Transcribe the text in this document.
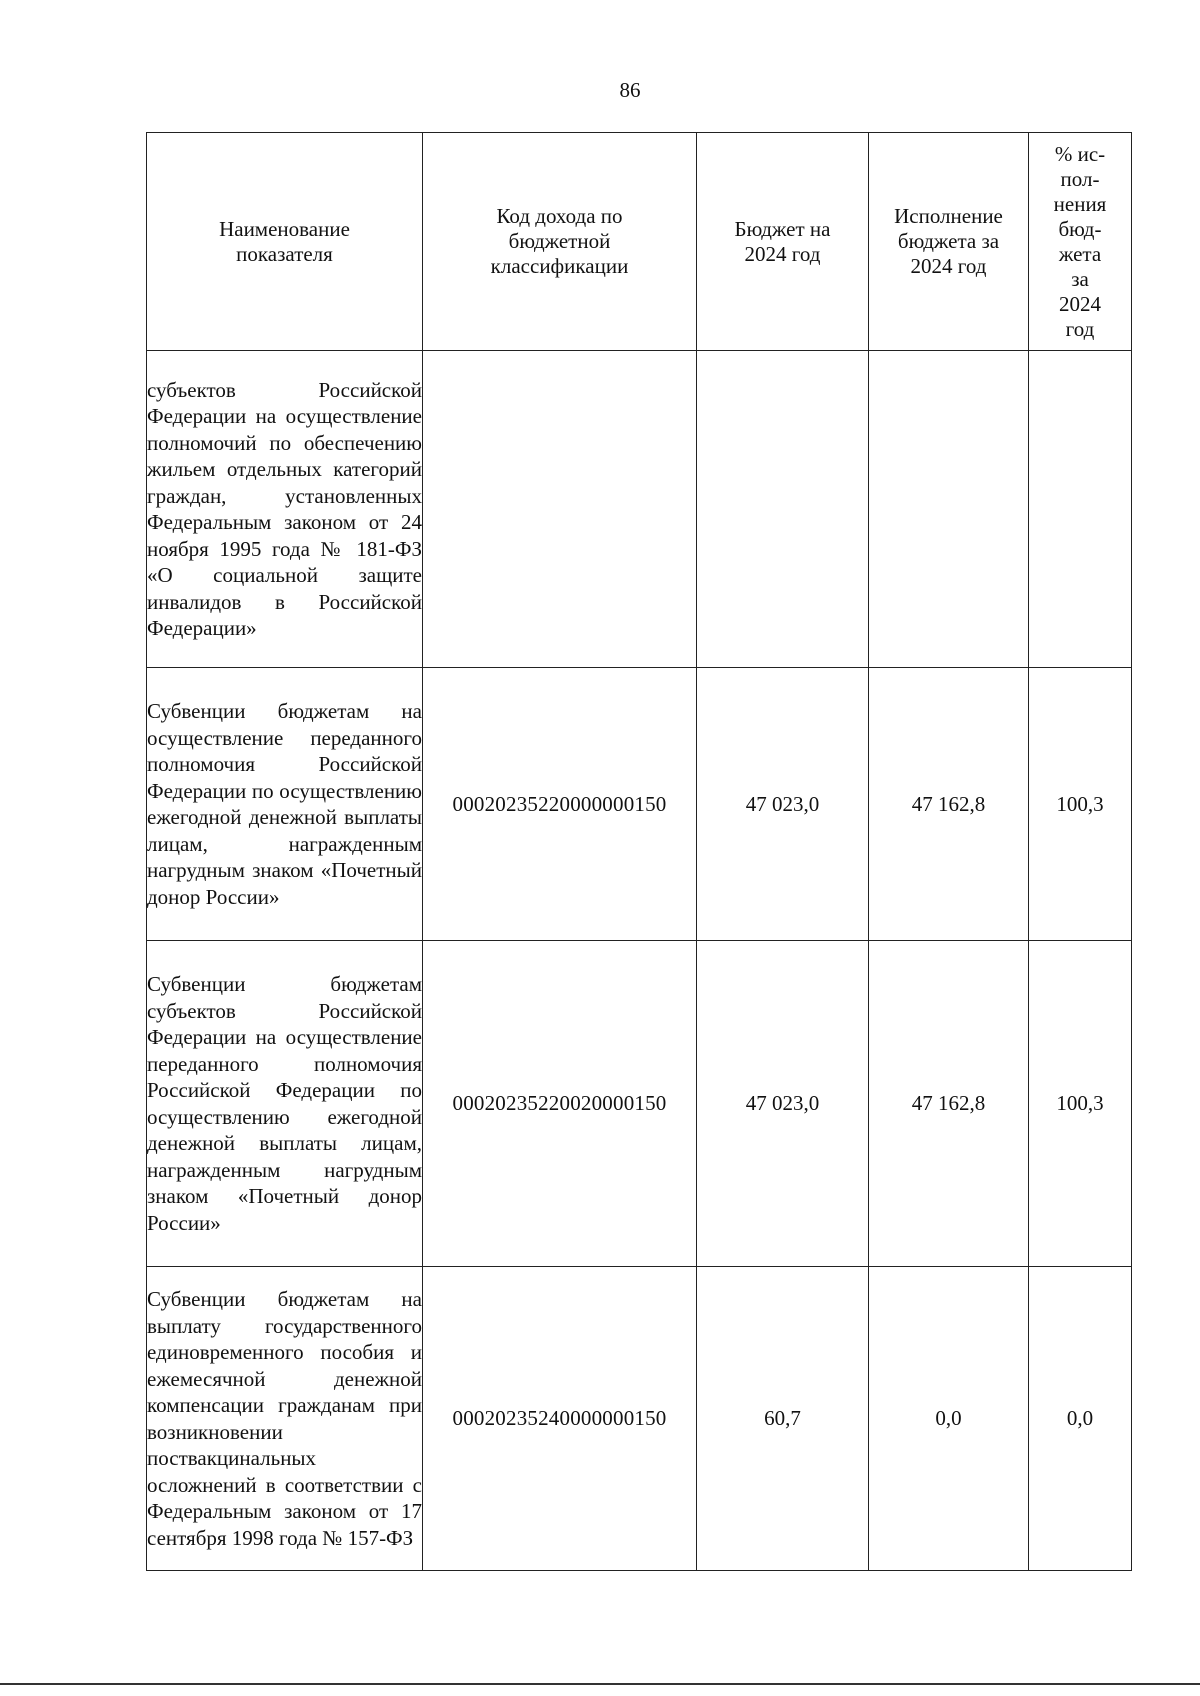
86
Наименование показателя	Код дохода по бюджетной классификации	Бюджет на 2024 год	Исполнение бюджета за 2024 год	% ис-пол-нения бюд-жета за 2024 год
субъектов Российской Федерации на осуществление полномочий по обеспечению жильем отдельных категорий граждан, установленных Федеральным законом от 24 ноября 1995 года № 181-ФЗ «О социальной защите инвалидов в Российской Федерации»				
Субвенции бюджетам на осуществление переданного полномочия Российской Федерации по осуществлению ежегодной денежной выплаты лицам, награжденным нагрудным знаком «Почетный донор России»	00020235220000000150	47 023,0	47 162,8	100,3
Субвенции бюджетам субъектов Российской Федерации на осуществление переданного полномочия Российской Федерации по осуществлению ежегодной денежной выплаты лицам, награжденным нагрудным знаком «Почетный донор России»	00020235220020000150	47 023,0	47 162,8	100,3
Субвенции бюджетам на выплату государственного единовременного пособия и ежемесячной денежной компенсации гражданам при возникновении поствакцинальных осложнений в соответствии с Федеральным законом от 17 сентября 1998 года № 157-ФЗ	00020235240000000150	60,7	0,0	0,0
